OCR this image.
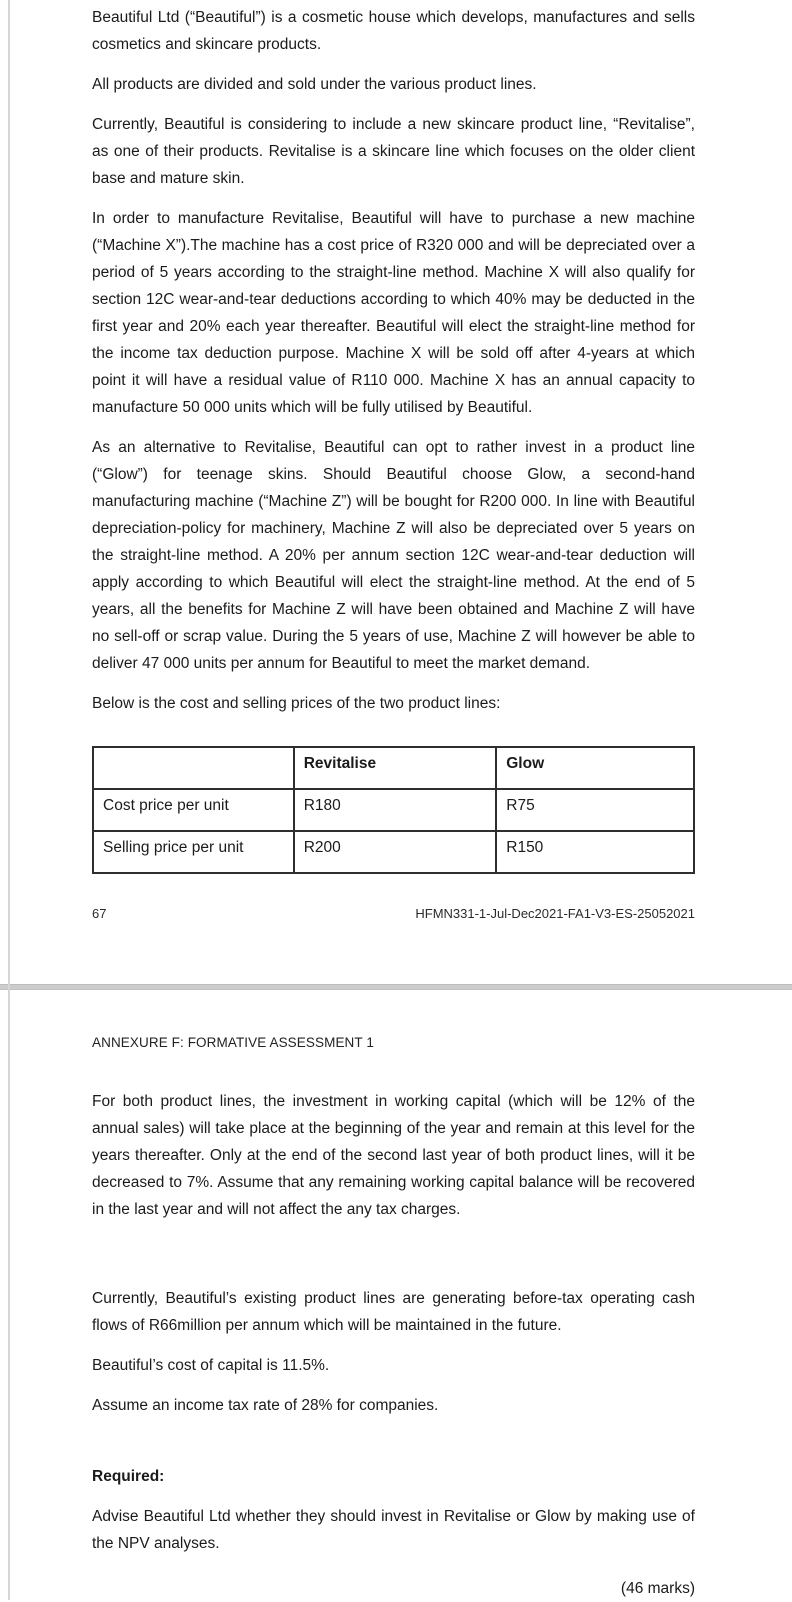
Beautiful Ltd (“Beautiful”) is a cosmetic house which develops, manufactures and sells cosmetics and skincare products.

All products are divided and sold under the various product lines.

Currently, Beautiful is considering to include a new skincare product line, “Revitalise”, as one of their products. Revitalise is a skincare line which focuses on the older client base and mature skin.

In order to manufacture Revitalise, Beautiful will have to purchase a new machine (“Machine X”).The machine has a cost price of R320 000 and will be depreciated over a period of 5 years according to the straight-line method. Machine X will also qualify for section 12C wear-and-tear deductions according to which 40% may be deducted in the first year and 20% each year thereafter. Beautiful will elect the straight-line method for the income tax deduction purpose. Machine X will be sold off after 4-years at which point it will have a residual value of R110 000. Machine X has an annual capacity to manufacture 50 000 units which will be fully utilised by Beautiful.

As an alternative to Revitalise, Beautiful can opt to rather invest in a product line (“Glow”) for teenage skins. Should Beautiful choose Glow, a second-hand manufacturing machine (“Machine Z”) will be bought for R200 000. In line with Beautiful depreciation-policy for machinery, Machine Z will also be depreciated over 5 years on the straight-line method. A 20% per annum section 12C wear-and-tear deduction will apply according to which Beautiful will elect the straight-line method. At the end of 5 years, all the benefits for Machine Z will have been obtained and Machine Z will have no sell-off or scrap value. During the 5 years of use, Machine Z will however be able to deliver 47 000 units per annum for Beautiful to meet the market demand.

Below is the cost and selling prices of the two product lines:

	Revitalise	Glow
Cost price per unit	R180	R75
Selling price per unit	R200	R150
67	HFMN331-1-Jul-Dec2021-FA1-V3-ES-25052021

ANNEXURE F: FORMATIVE ASSESSMENT 1

For both product lines, the investment in working capital (which will be 12% of the annual sales) will take place at the beginning of the year and remain at this level for the years thereafter. Only at the end of the second last year of both product lines, will it be decreased to 7%. Assume that any remaining working capital balance will be recovered in the last year and will not affect the any tax charges.

Currently, Beautiful’s existing product lines are generating before-tax operating cash flows of R66million per annum which will be maintained in the future.

Beautiful’s cost of capital is 11.5%.

Assume an income tax rate of 28% for companies.

Required:

Advise Beautiful Ltd whether they should invest in Revitalise or Glow by making use of the NPV analyses.

(46 marks)
